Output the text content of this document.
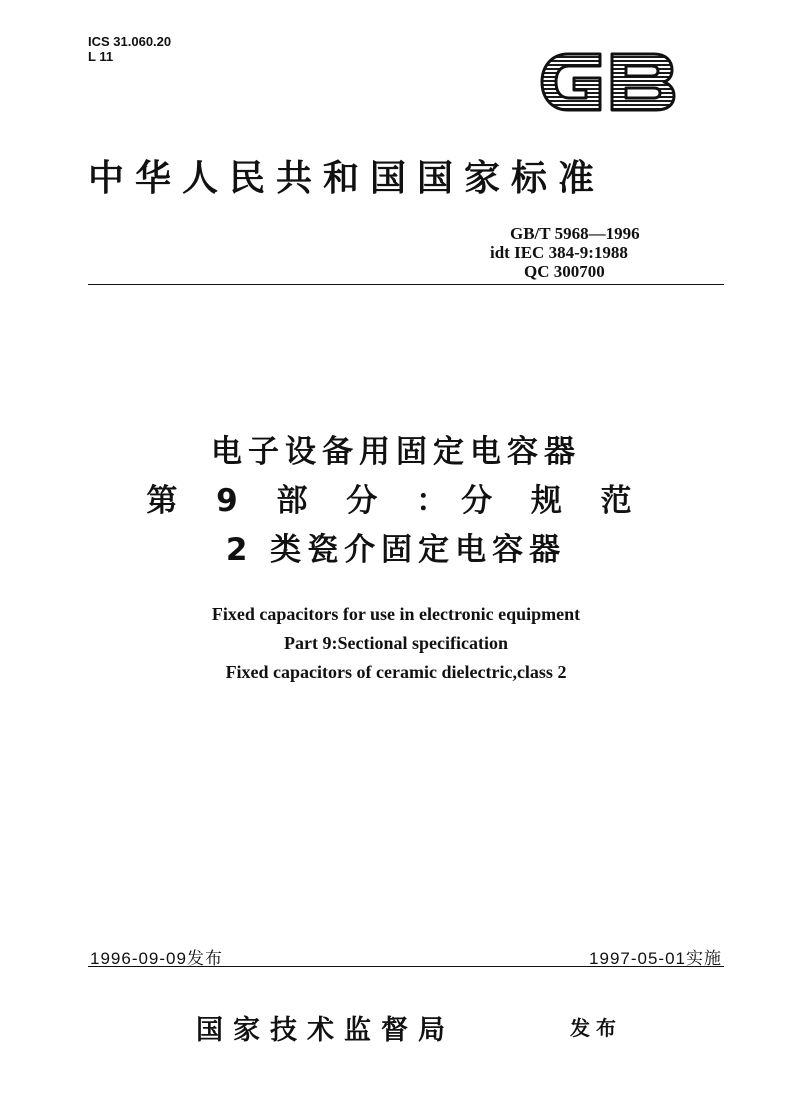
ICS 31.060.20
L 11
中华人民共和国国家标准
GB/T 5968—1996
idt IEC 384-9:1988
QC 300700
电子设备用固定电容器
第 9 部 分 ：分 规 范
2 类瓷介固定电容器
Fixed capacitors for use in electronic equipment
Part 9:Sectional specification
Fixed capacitors of ceramic dielectric,class 2
1996-09-09发布	1997-05-01实施
国家技术监督局	发布
